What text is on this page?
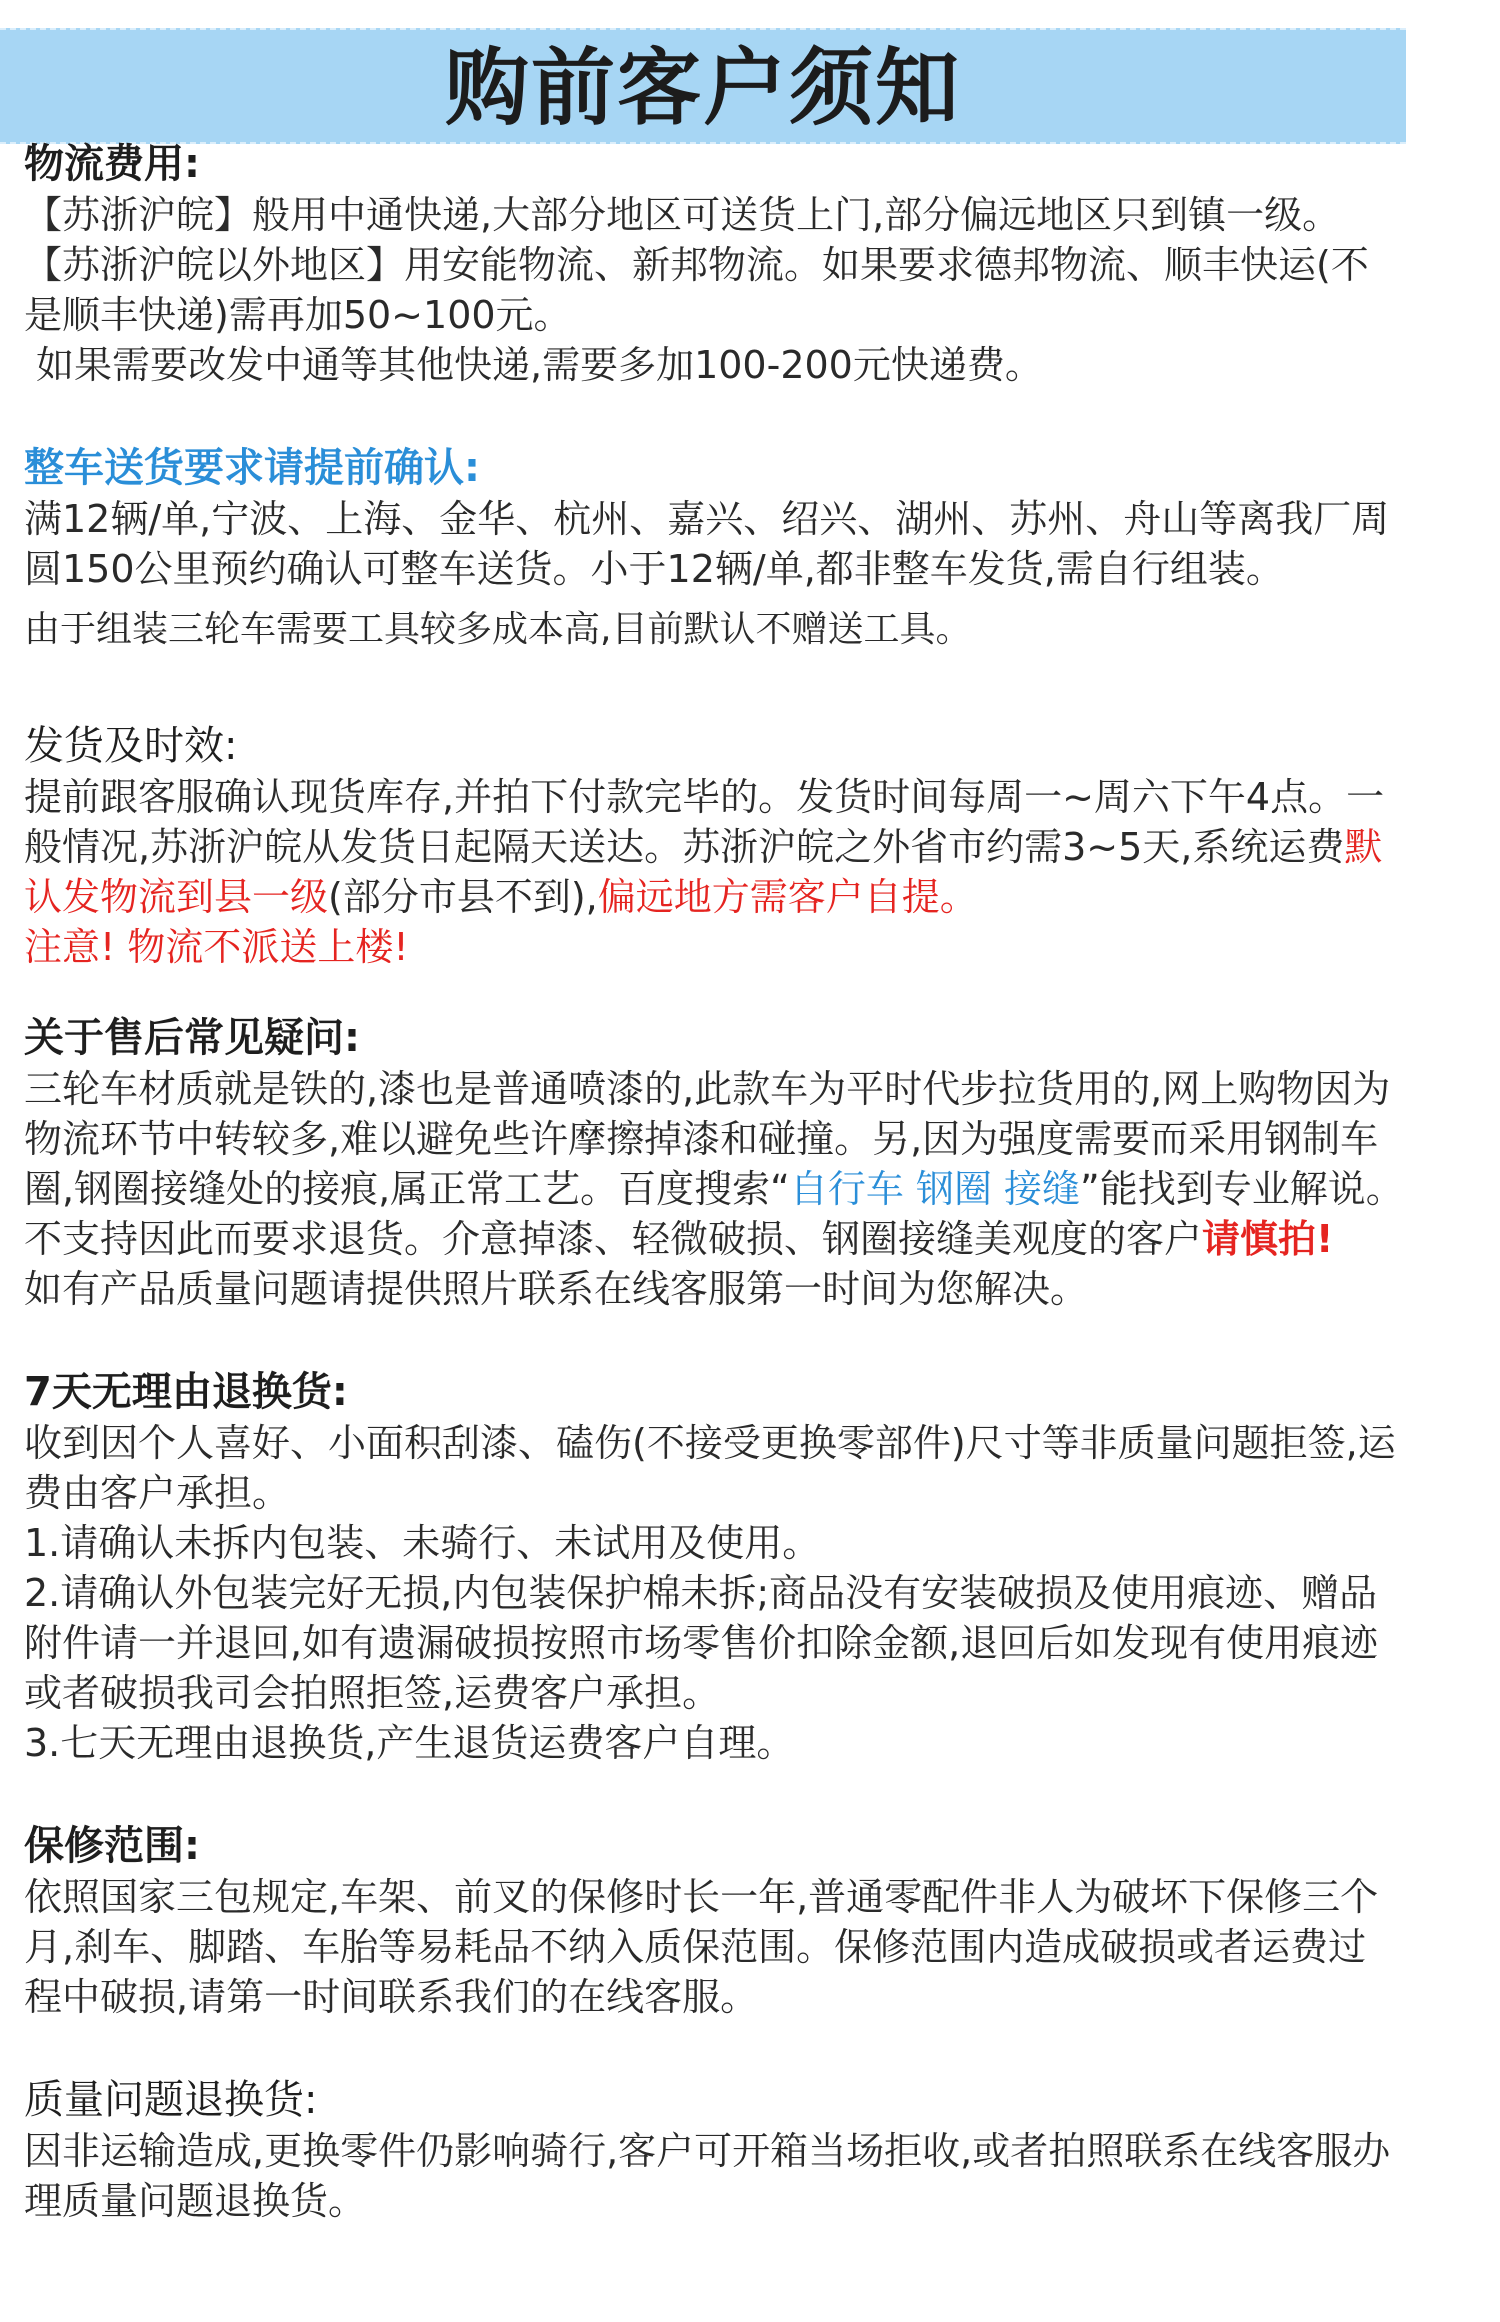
购前客户须知
物流费用:

【苏浙沪皖】般用中通快递,大部分地区可送货上门,部分偏远地区只到镇一级。

【苏浙沪皖以外地区】用安能物流、新邦物流。如果要求德邦物流、顺丰快运(不是顺丰快递)需再加50~100元。

如果需要改发中通等其他快递,需要多加100-200元快递费。

整车送货要求请提前确认:

满12辆/单,宁波、上海、金华、杭州、嘉兴、绍兴、湖州、苏州、舟山等离我厂周圆150公里预约确认可整车送货。小于12辆/单,都非整车发货,需自行组装。

由于组装三轮车需要工具较多成本高,目前默认不赠送工具。

发货及时效:

提前跟客服确认现货库存,并拍下付款完毕的。发货时间每周一~周六下午4点。一般情况,苏浙沪皖从发货日起隔天送达。苏浙沪皖之外省市约需3~5天,系统运费默认发物流到县一级(部分市县不到),偏远地方需客户自提。

注意! 物流不派送上楼!

关于售后常见疑问:

三轮车材质就是铁的,漆也是普通喷漆的,此款车为平时代步拉货用的,网上购物因为物流环节中转较多,难以避免些许摩擦掉漆和碰撞。另,因为强度需要而采用钢制车圈,钢圈接缝处的接痕,属正常工艺。百度搜索“自行车 钢圈 接缝”能找到专业解说。不支持因此而要求退货。介意掉漆、轻微破损、钢圈接缝美观度的客户请慎拍!

如有产品质量问题请提供照片联系在线客服第一时间为您解决。

7天无理由退换货:

收到因个人喜好、小面积刮漆、磕伤(不接受更换零部件)尺寸等非质量问题拒签,运费由客户承担。

1.请确认未拆内包装、未骑行、未试用及使用。

2.请确认外包装完好无损,内包装保护棉未拆;商品没有安装破损及使用痕迹、赠品 附件请一并退回,如有遗漏破损按照市场零售价扣除金额,退回后如发现有使用痕迹 或者破损我司会拍照拒签,运费客户承担。

3.七天无理由退换货,产生退货运费客户自理。

保修范围:

依照国家三包规定,车架、前叉的保修时长一年,普通零配件非人为破坏下保修三个月,刹车、脚踏、车胎等易耗品不纳入质保范围。保修范围内造成破损或者运费过程中破损,请第一时间联系我们的在线客服。

质量问题退换货:

因非运输造成,更换零件仍影响骑行,客户可开箱当场拒收,或者拍照联系在线客服办理质量问题退换货。
